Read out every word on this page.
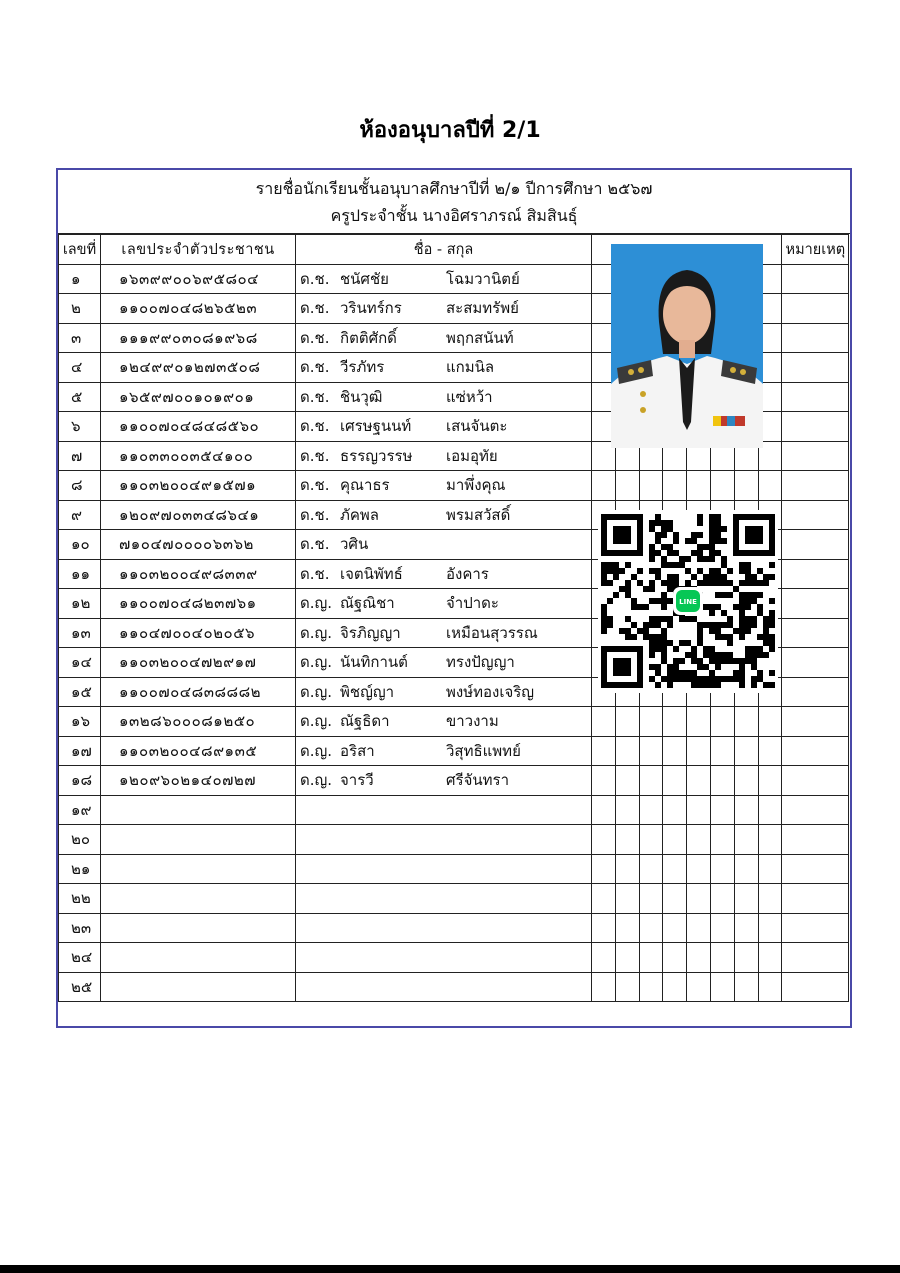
ห้องอนุบาลปีที่ 2/1
รายชื่อนักเรียนชั้นอนุบาลศึกษาปีที่ ๒/๑ ปีการศึกษา ๒๕๖๗
ครูประจำชั้น นางอิศราภรณ์ สิมสินธุ์
เลขที่	เลขประจำตัวประชาชน	ชื่อ - สกุล									หมายเหตุ
๑	๑๖๓๙๙๐๐๖๙๕๘๐๔	ด.ช. ชนัศชัย โฉมวานิตย์									
๒	๑๑๐๐๗๐๔๘๒๖๕๒๓	ด.ช. วรินทร์กร สะสมทรัพย์									
๓	๑๑๑๙๙๐๓๐๘๑๙๖๘	ด.ช. กิตติศักดิ์ พฤกสนันท์									
๔	๑๒๔๙๙๐๑๒๗๓๕๐๘	ด.ช. วีรภัทร แกมนิล									
๕	๑๖๕๙๗๐๐๑๐๑๙๐๑	ด.ช. ชินวุฒิ แซ่หว้า									
๖	๑๑๐๐๗๐๔๘๔๘๕๖๐	ด.ช. เศรษฐนนท์ เสนจันตะ									
๗	๑๑๐๓๓๐๐๓๕๔๑๐๐	ด.ช. ธรรญวรรษ เอมอุทัย									
๘	๑๑๐๓๒๐๐๔๙๑๕๗๑	ด.ช. คุณาธร มาพึ่งคุณ									
๙	๑๒๐๙๗๐๓๓๔๘๖๔๑	ด.ช. ภัคพล พรมสวัสดิ์									
๑๐	๗๑๐๔๗๐๐๐๐๖๓๖๒	ด.ช. วศิน									
๑๑	๑๑๐๓๒๐๐๔๙๘๓๓๙	ด.ช. เจตนิพัทธ์ อังคาร									
๑๒	๑๑๐๐๗๐๔๘๒๓๗๖๑	ด.ญ. ณัฐณิชา จำปาดะ									
๑๓	๑๑๐๔๗๐๐๔๐๒๐๕๖	ด.ญ. จิรภิญญา เหมือนสุวรรณ									
๑๔	๑๑๐๓๒๐๐๔๗๒๙๑๗	ด.ญ. นันทิกานต์ ทรงปัญญา									
๑๕	๑๑๐๐๗๐๔๘๓๘๘๘๒	ด.ญ. พิชญ์ญา พงษ์ทองเจริญ									
๑๖	๑๓๒๘๖๐๐๐๘๑๒๕๐	ด.ญ. ณัฐธิดา ขาวงาม									
๑๗	๑๑๐๓๒๐๐๔๘๙๑๓๕	ด.ญ. อริสา วิสุทธิแพทย์									
๑๘	๑๒๐๙๖๐๒๑๔๐๗๒๗	ด.ญ. จารวี ศรีจันทรา									
๑๙											
๒๐											
๒๑											
๒๒											
๒๓											
๒๔											
๒๕											
LINE
